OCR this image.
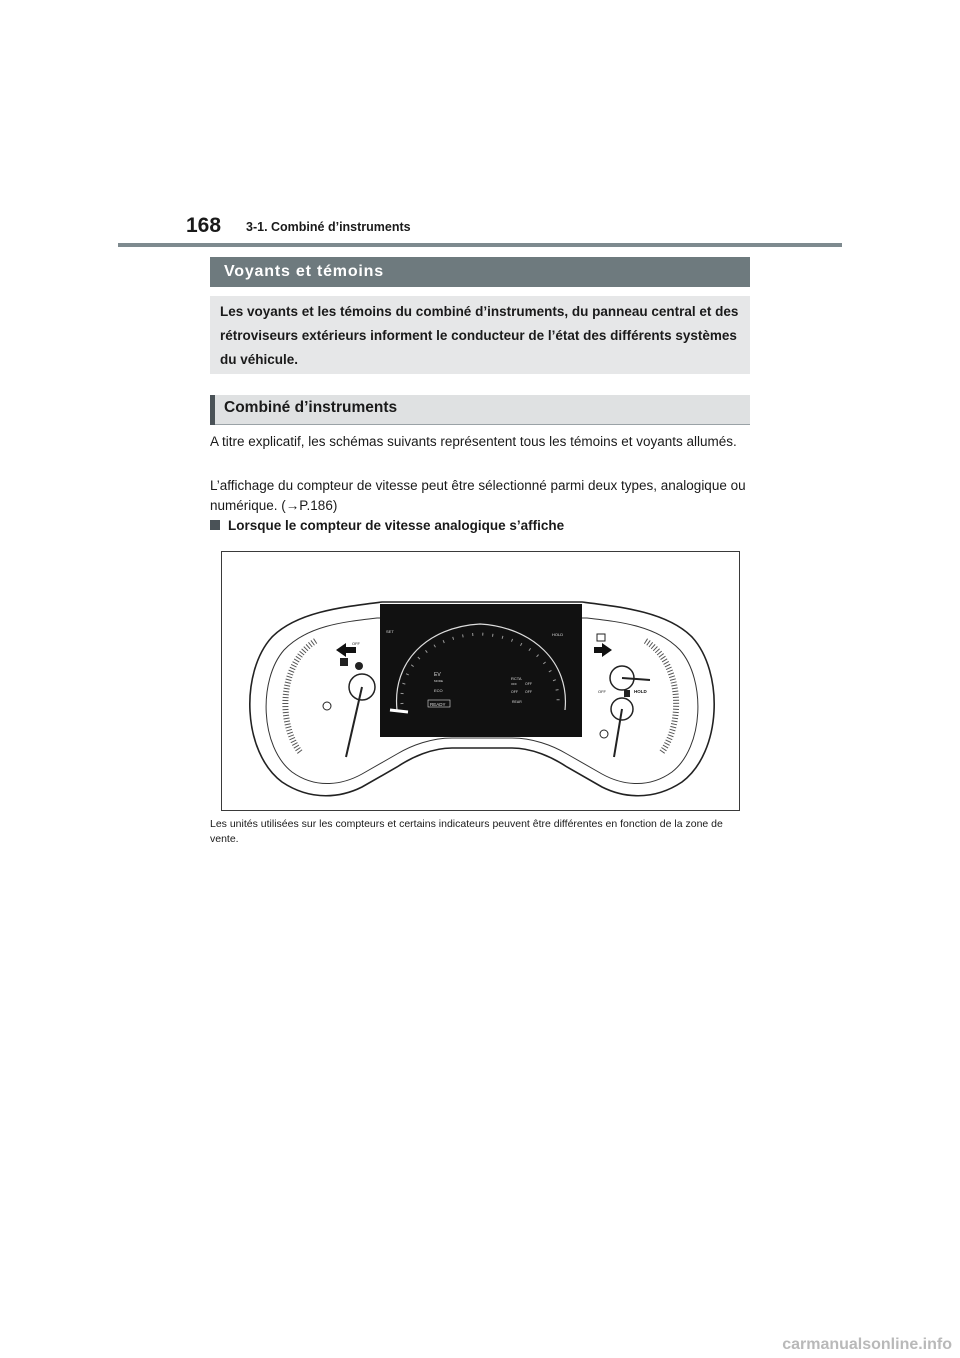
168 3-1. Combiné d’instruments
Voyants et témoins
Les voyants et les témoins du combiné d’instruments, du panneau central et des rétroviseurs extérieurs informent le conducteur de l’état des différents systèmes du véhicule.
Combiné d’instruments
A titre explicatif, les schémas suivants représentent tous les témoins et voyants allumés.
L’affichage du compteur de vitesse peut être sélectionné parmi deux types, analogique ou numérique. (→P.186)
Lorsque le compteur de vitesse analogique s’affiche
OFF
SET
HOLD
EV
MODE
ECO
RCTA
OFF
OFF
OFF
OFF
REAR
READY
OFF	HOLD
Les unités utilisées sur les compteurs et certains indicateurs peuvent être différentes en fonction de la zone de vente.
carmanualsonline.info
